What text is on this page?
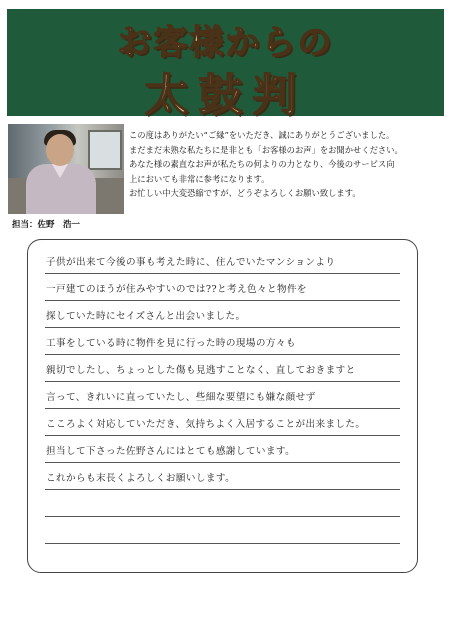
お客様からの
太鼓判
担当：佐野　浩一

この度はありがたい“ご縁”をいただき、誠にありがとうございました。

まだまだ未熟な私たちに是非とも「お客様のお声」をお聞かせください。

あなた様の素直なお声が私たちの何よりの力となり、今後のサービス向

上においても非常に参考になります。

お忙しい中大変恐縮ですが、どうぞよろしくお願い致します。

子供が出来て今後の事も考えた時に、住んでいたマンションより
一戸建てのほうが住みやすいのでは??と考え色々と物件を
探していた時にセイズさんと出会いました。
工事をしている時に物件を見に行った時の現場の方々も
親切でしたし、ちょっとした傷も見逃すことなく、直しておきますと
言って、きれいに直っていたし、些細な要望にも嫌な顔せず
こころよく対応していただき、気持ちよく入居することが出来ました。
担当して下さった佐野さんにはとても感謝しています。
これからも末長くよろしくお願いします。
